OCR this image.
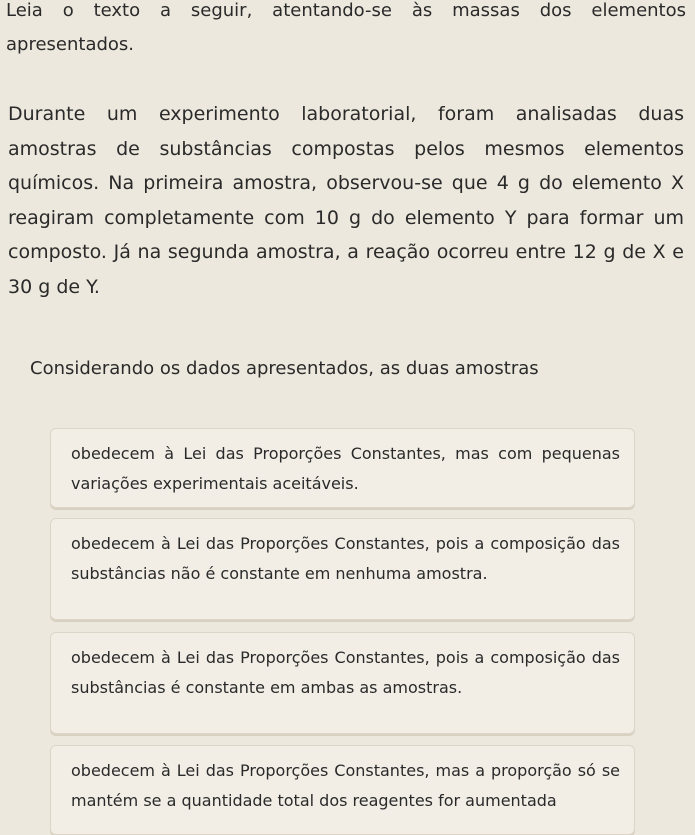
Leia o texto a seguir, atentando-se às massas dos elementos apresentados.
Durante um experimento laboratorial, foram analisadas duas amostras de substâncias compostas pelos mesmos elementos químicos. Na primeira amostra, observou-se que 4 g do elemento X reagiram completamente com 10 g do elemento Y para formar um composto. Já na segunda amostra, a reação ocorreu entre 12 g de X e 30 g de Y.
Considerando os dados apresentados, as duas amostras
obedecem à Lei das Proporções Constantes, mas com pequenas variações experimentais aceitáveis.
obedecem à Lei das Proporções Constantes, pois a composição das substâncias não é constante em nenhuma amostra.
obedecem à Lei das Proporções Constantes, pois a composição das substâncias é constante em ambas as amostras.
obedecem à Lei das Proporções Constantes, mas a proporção só se mantém se a quantidade total dos reagentes for aumentada
